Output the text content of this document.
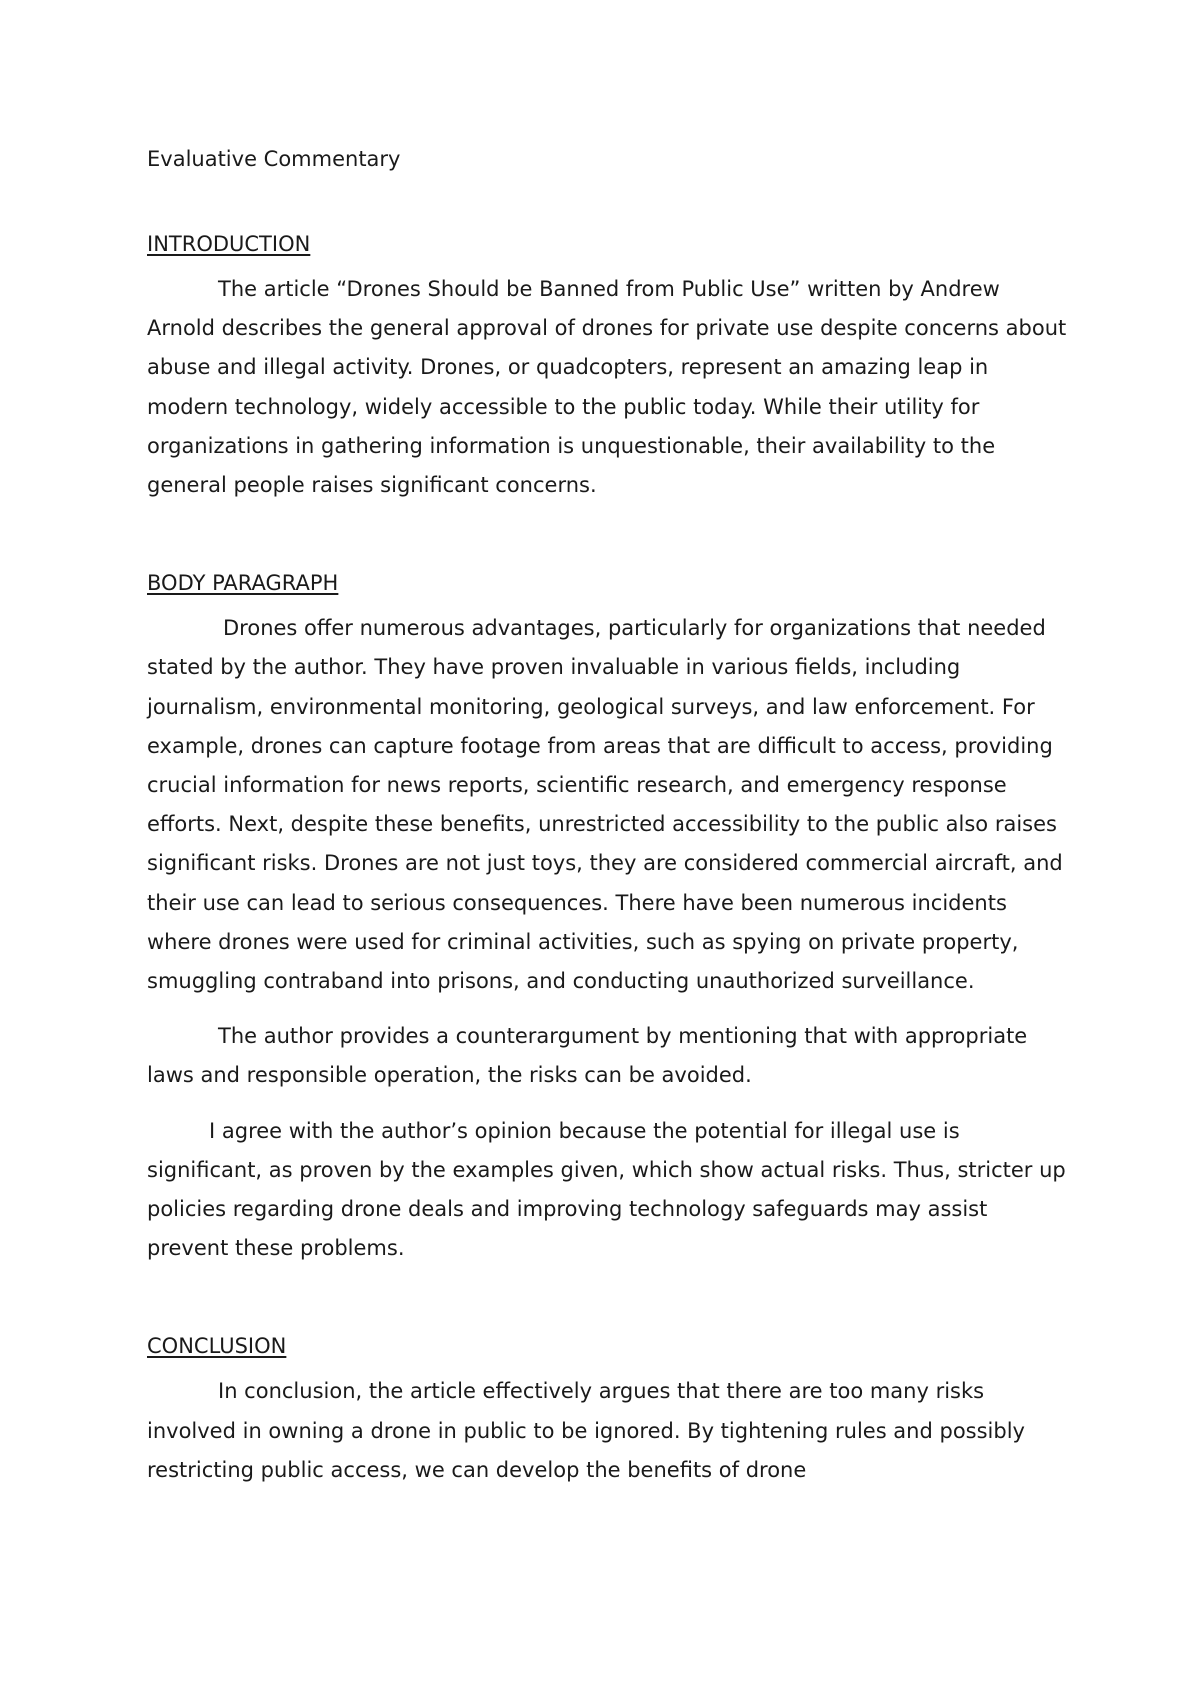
Evaluative Commentary

INTRODUCTION

The article “Drones Should be Banned from Public Use” written by Andrew Arnold describes the general approval of drones for private use despite concerns about abuse and illegal activity. Drones, or quadcopters, represent an amazing leap in modern technology, widely accessible to the public today. While their utility for organizations in gathering information is unquestionable, their availability to the general people raises significant concerns.

BODY PARAGRAPH

Drones offer numerous advantages, particularly for organizations that needed stated by the author. They have proven invaluable in various fields, including journalism, environmental monitoring, geological surveys, and law enforcement. For example, drones can capture footage from areas that are difficult to access, providing crucial information for news reports, scientific research, and emergency response efforts. Next, despite these benefits, unrestricted accessibility to the public also raises significant risks. Drones are not just toys, they are considered commercial aircraft, and their use can lead to serious consequences. There have been numerous incidents where drones were used for criminal activities, such as spying on private property, smuggling contraband into prisons, and conducting unauthorized surveillance.

The author provides a counterargument by mentioning that with appropriate laws and responsible operation, the risks can be avoided.

I agree with the author’s opinion because the potential for illegal use is significant, as proven by the examples given, which show actual risks. Thus, stricter up policies regarding drone deals and improving technology safeguards may assist prevent these problems.

CONCLUSION

In conclusion, the article effectively argues that there are too many risks involved in owning a drone in public to be ignored. By tightening rules and possibly restricting public access, we can develop the benefits of drone
